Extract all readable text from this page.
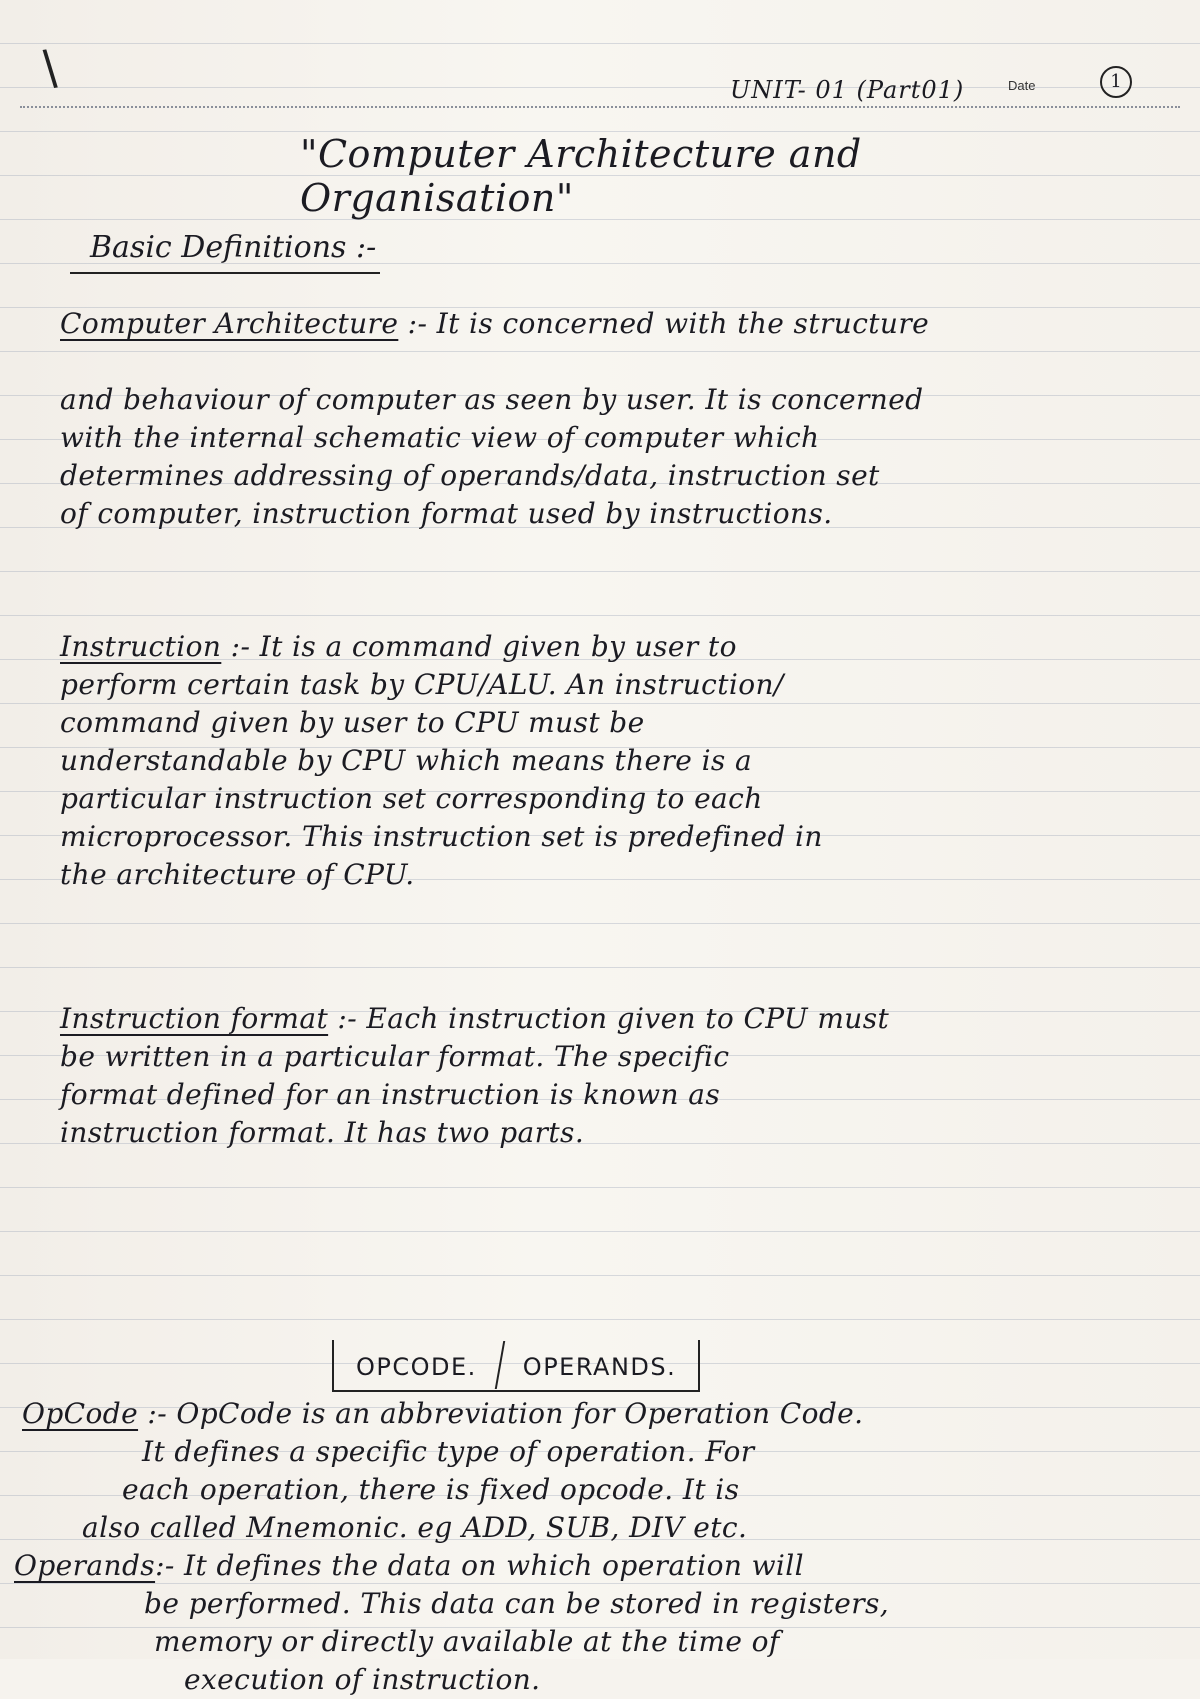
\	UNIT- 01 (Part01)	Date	1
"Computer Architecture and Organisation"
Basic Definitions :-

Computer Architecture :- It is concerned with the structure

and behaviour of computer as seen by user. It is concerned

with the internal schematic view of computer which

determines addressing of operands/data, instruction set

of computer, instruction format used by instructions.

Instruction :- It is a command given by user to

perform certain task by CPU/ALU. An instruction/

command given by user to CPU must be

understandable by CPU which means there is a

particular instruction set corresponding to each

microprocessor. This instruction set is predefined in

the architecture of CPU.

Instruction format :- Each instruction given to CPU must

be written in a particular format. The specific

format defined for an instruction is known as

instruction format. It has two parts.

OPCODE.	OPERANDS.

OpCode :- OpCode is an abbreviation for Operation Code.

It defines a specific type of operation. For

each operation, there is fixed opcode. It is

also called Mnemonic. eg ADD, SUB, DIV etc.

Operands:- It defines the data on which operation will

be performed. This data can be stored in registers,

memory or directly available at the time of

execution of instruction.
